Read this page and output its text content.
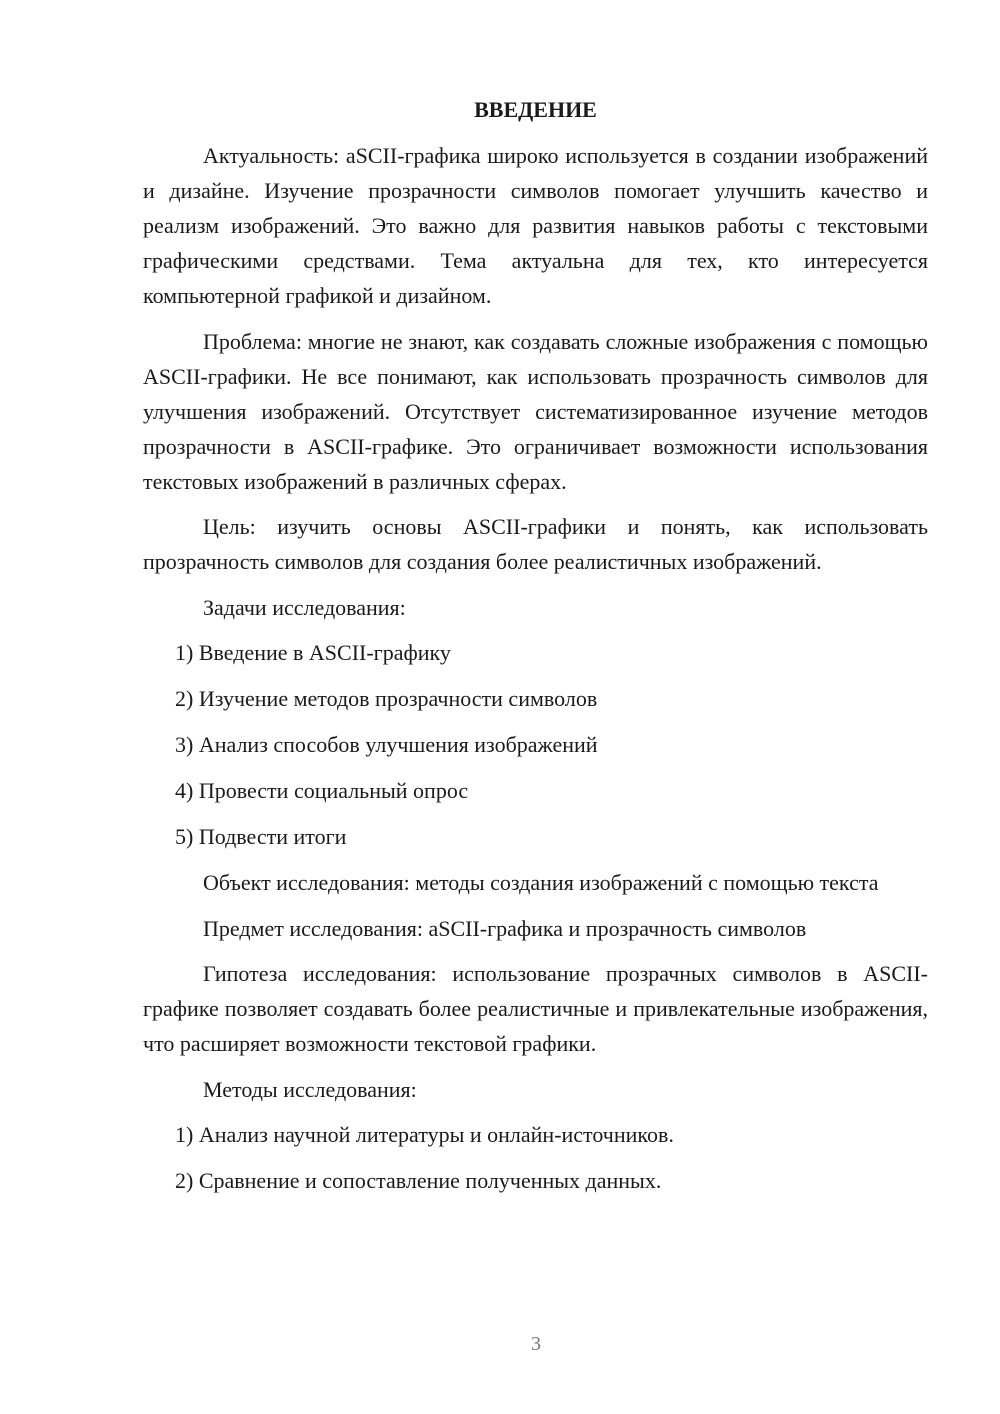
ВВЕДЕНИЕ

Актуальность: aSCII-графика широко используется в создании изображений и дизайне. Изучение прозрачности символов помогает улучшить качество и реализм изображений. Это важно для развития навыков работы с текстовыми графическими средствами. Тема актуальна для тех, кто интересуется компьютерной графикой и дизайном.

Проблема: многие не знают, как создавать сложные изображения с помощью ASCII-графики. Не все понимают, как использовать прозрачность символов для улучшения изображений. Отсутствует систематизированное изучение методов прозрачности в ASCII-графике. Это ограничивает возможности использования текстовых изображений в различных сферах.

Цель: изучить основы ASCII-графики и понять, как использовать прозрачность символов для создания более реалистичных изображений.

Задачи исследования:

1) Введение в ASCII-графику

2) Изучение методов прозрачности символов

3) Анализ способов улучшения изображений

4) Провести социальный опрос

5) Подвести итоги

Объект исследования: методы создания изображений с помощью текста

Предмет исследования: aSCII-графика и прозрачность символов

Гипотеза исследования: использование прозрачных символов в ASCII-графике позволяет создавать более реалистичные и привлекательные изображения, что расширяет возможности текстовой графики.

Методы исследования:

1) Анализ научной литературы и онлайн-источников.

2) Сравнение и сопоставление полученных данных.

3
